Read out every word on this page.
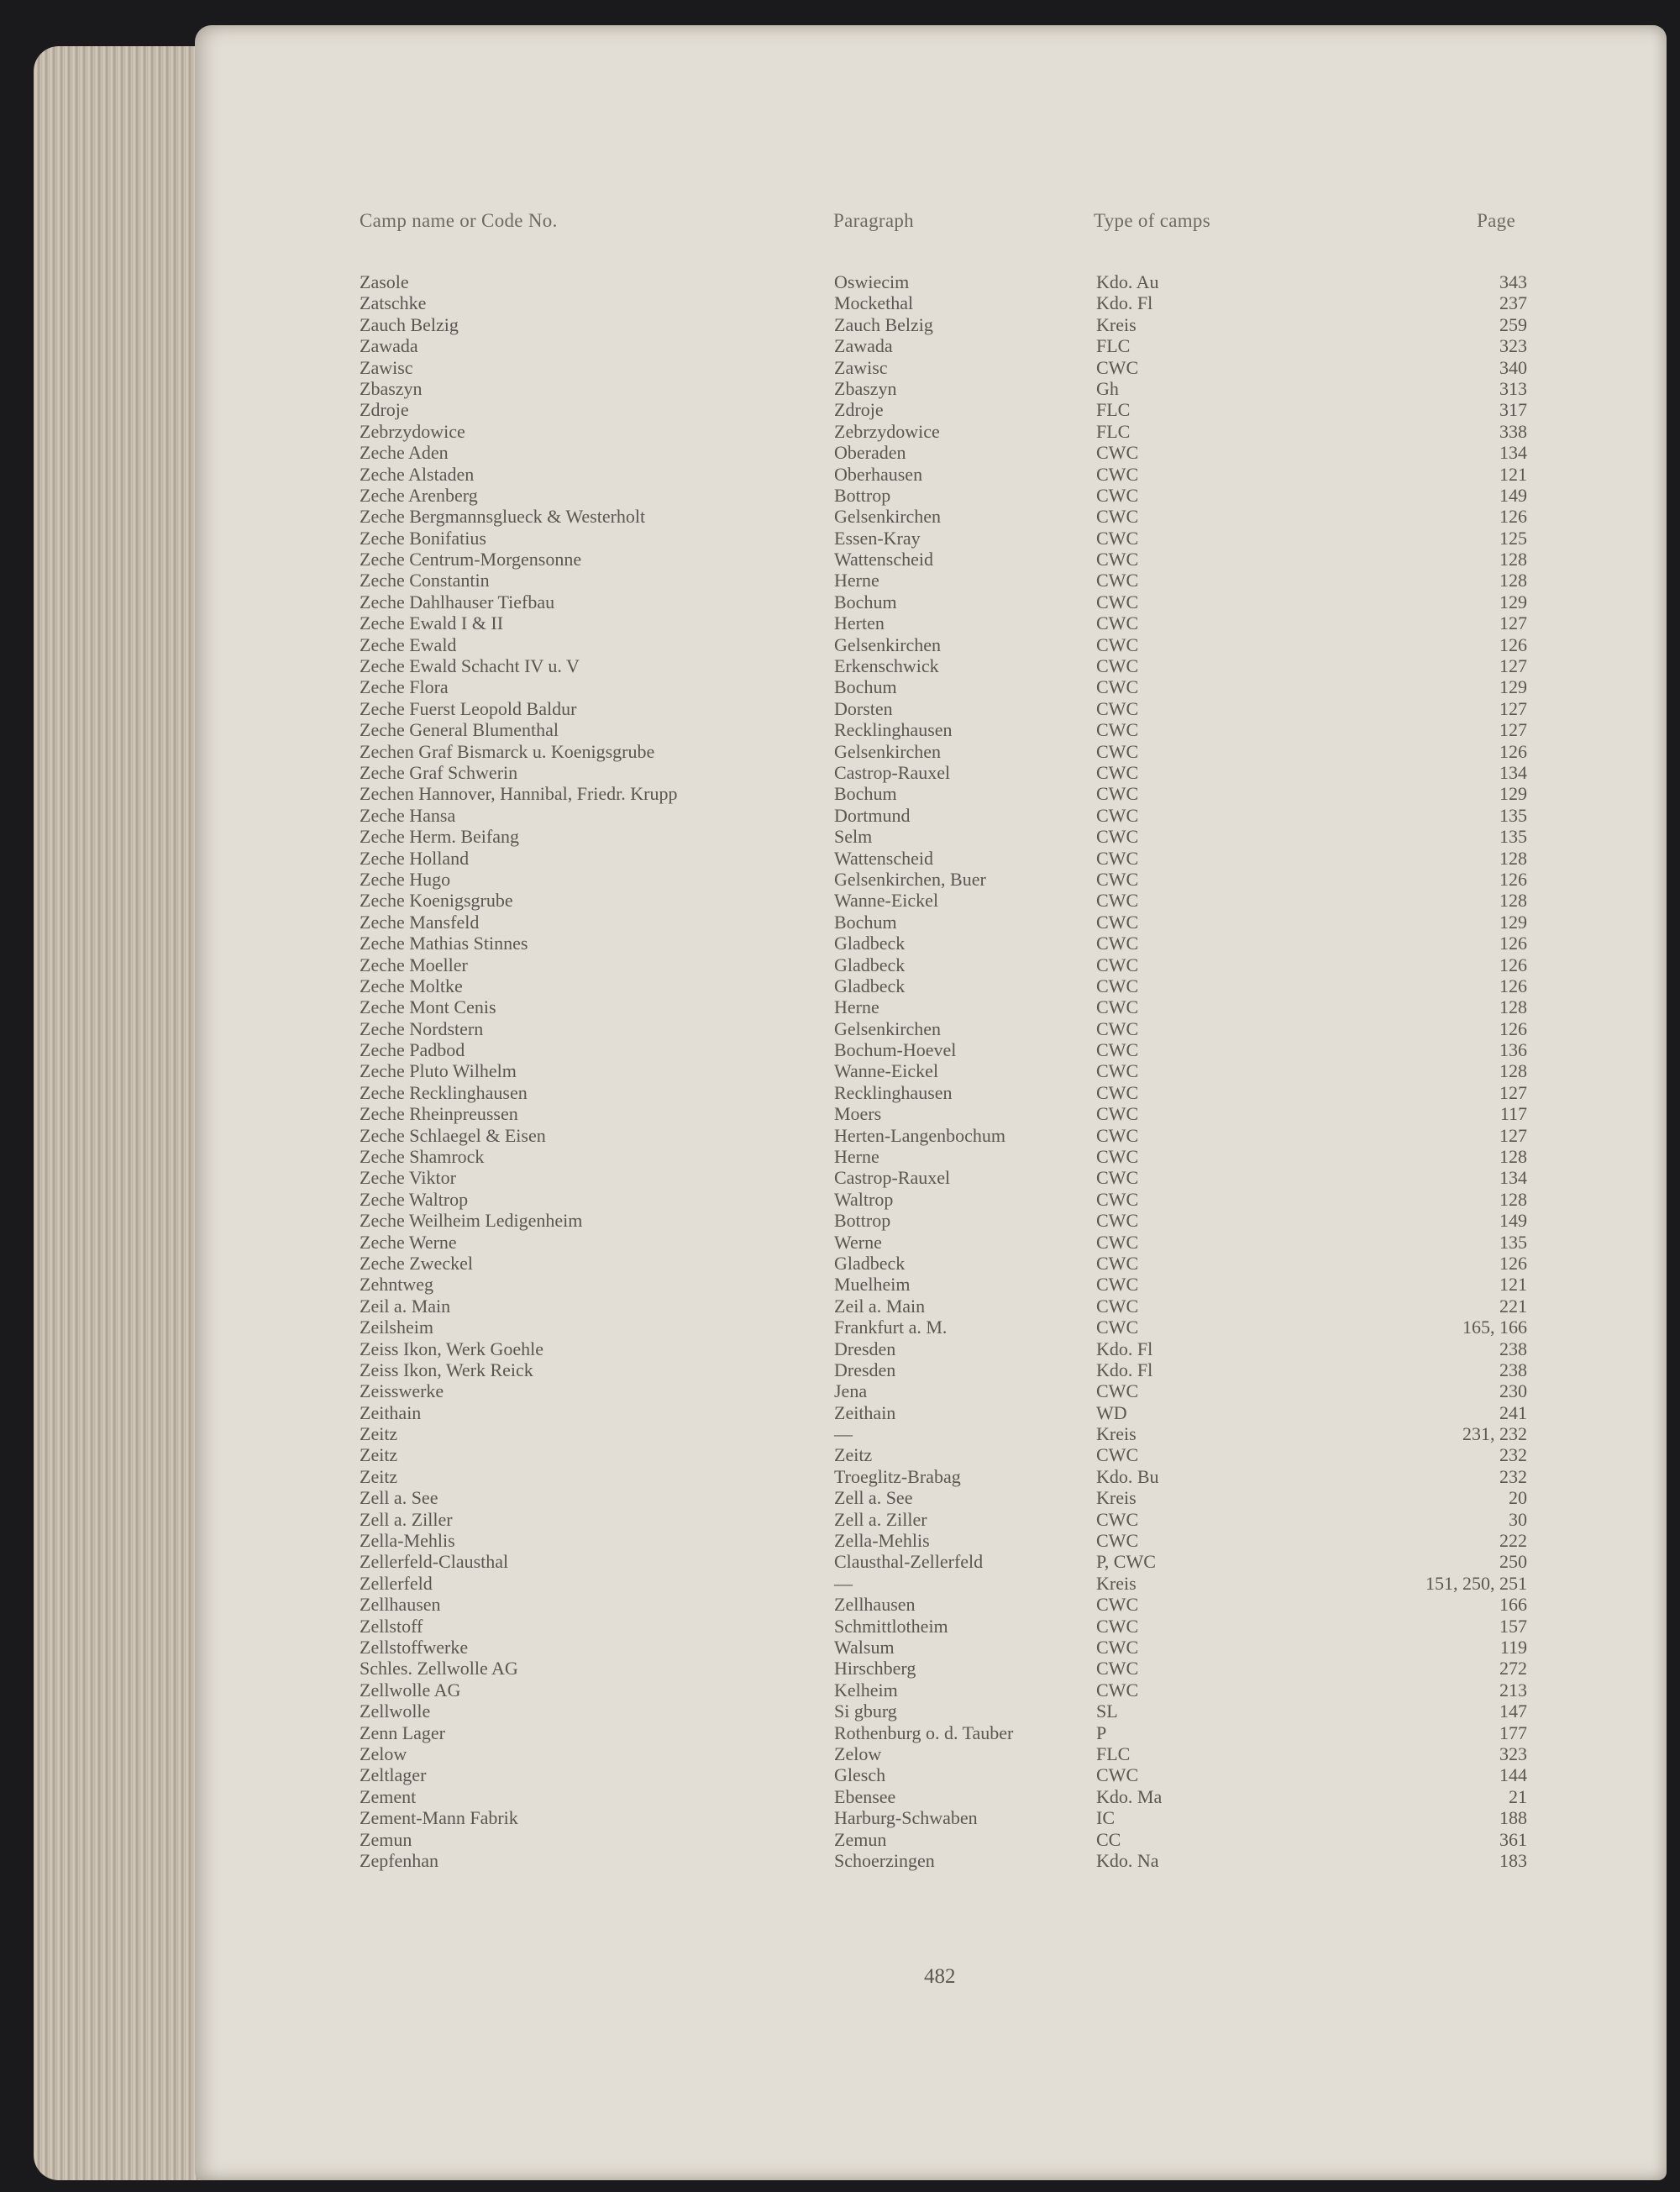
Camp name or Code No.	Paragraph	Type of camps	Page
Zasole	Oswiecim	Kdo. Au	343
Zatschke	Mockethal	Kdo. Fl	237
Zauch Belzig	Zauch Belzig	Kreis	259
Zawada	Zawada	FLC	323
Zawisc	Zawisc	CWC	340
Zbaszyn	Zbaszyn	Gh	313
Zdroje	Zdroje	FLC	317
Zebrzydowice	Zebrzydowice	FLC	338
Zeche Aden	Oberaden	CWC	134
Zeche Alstaden	Oberhausen	CWC	121
Zeche Arenberg	Bottrop	CWC	149
Zeche Bergmannsglueck & Westerholt	Gelsenkirchen	CWC	126
Zeche Bonifatius	Essen-Kray	CWC	125
Zeche Centrum-Morgensonne	Wattenscheid	CWC	128
Zeche Constantin	Herne	CWC	128
Zeche Dahlhauser Tiefbau	Bochum	CWC	129
Zeche Ewald I & II	Herten	CWC	127
Zeche Ewald	Gelsenkirchen	CWC	126
Zeche Ewald Schacht IV u. V	Erkenschwick	CWC	127
Zeche Flora	Bochum	CWC	129
Zeche Fuerst Leopold Baldur	Dorsten	CWC	127
Zeche General Blumenthal	Recklinghausen	CWC	127
Zechen Graf Bismarck u. Koenigsgrube	Gelsenkirchen	CWC	126
Zeche Graf Schwerin	Castrop-Rauxel	CWC	134
Zechen Hannover, Hannibal, Friedr. Krupp	Bochum	CWC	129
Zeche Hansa	Dortmund	CWC	135
Zeche Herm. Beifang	Selm	CWC	135
Zeche Holland	Wattenscheid	CWC	128
Zeche Hugo	Gelsenkirchen, Buer	CWC	126
Zeche Koenigsgrube	Wanne-Eickel	CWC	128
Zeche Mansfeld	Bochum	CWC	129
Zeche Mathias Stinnes	Gladbeck	CWC	126
Zeche Moeller	Gladbeck	CWC	126
Zeche Moltke	Gladbeck	CWC	126
Zeche Mont Cenis	Herne	CWC	128
Zeche Nordstern	Gelsenkirchen	CWC	126
Zeche Padbod	Bochum-Hoevel	CWC	136
Zeche Pluto Wilhelm	Wanne-Eickel	CWC	128
Zeche Recklinghausen	Recklinghausen	CWC	127
Zeche Rheinpreussen	Moers	CWC	117
Zeche Schlaegel & Eisen	Herten-Langenbochum	CWC	127
Zeche Shamrock	Herne	CWC	128
Zeche Viktor	Castrop-Rauxel	CWC	134
Zeche Waltrop	Waltrop	CWC	128
Zeche Weilheim Ledigenheim	Bottrop	CWC	149
Zeche Werne	Werne	CWC	135
Zeche Zweckel	Gladbeck	CWC	126
Zehntweg	Muelheim	CWC	121
Zeil a. Main	Zeil a. Main	CWC	221
Zeilsheim	Frankfurt a. M.	CWC	165, 166
Zeiss Ikon, Werk Goehle	Dresden	Kdo. Fl	238
Zeiss Ikon, Werk Reick	Dresden	Kdo. Fl	238
Zeisswerke	Jena	CWC	230
Zeithain	Zeithain	WD	241
Zeitz	—	Kreis	231, 232
Zeitz	Zeitz	CWC	232
Zeitz	Troeglitz-Brabag	Kdo. Bu	232
Zell a. See	Zell a. See	Kreis	20
Zell a. Ziller	Zell a. Ziller	CWC	30
Zella-Mehlis	Zella-Mehlis	CWC	222
Zellerfeld-Clausthal	Clausthal-Zellerfeld	P, CWC	250
Zellerfeld	—	Kreis	151, 250, 251
Zellhausen	Zellhausen	CWC	166
Zellstoff	Schmittlotheim	CWC	157
Zellstoffwerke	Walsum	CWC	119
Schles. Zellwolle AG	Hirschberg	CWC	272
Zellwolle AG	Kelheim	CWC	213
Zellwolle	Si gburg	SL	147
Zenn Lager	Rothenburg o. d. Tauber	P	177
Zelow	Zelow	FLC	323
Zeltlager	Glesch	CWC	144
Zement	Ebensee	Kdo. Ma	21
Zement-Mann Fabrik	Harburg-Schwaben	IC	188
Zemun	Zemun	CC	361
Zepfenhan	Schoerzingen	Kdo. Na	183
482
